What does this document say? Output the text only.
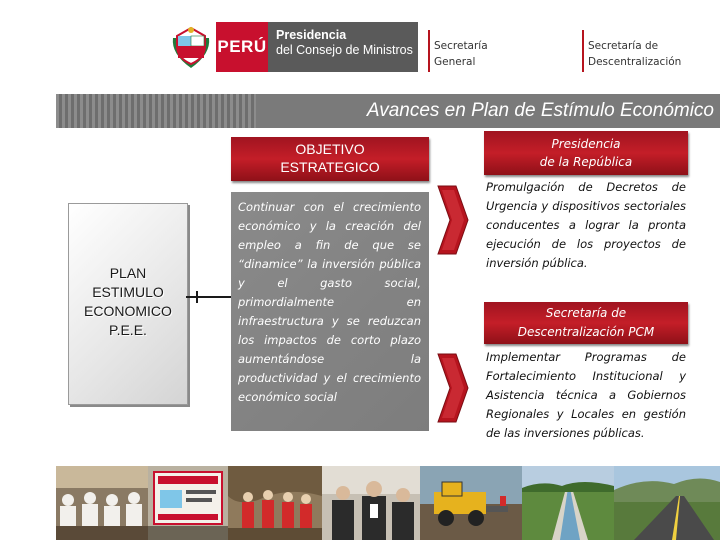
PERÚ
Presidencia
del Consejo de Ministros	Secretaría
General
Secretaría de
Descentralización
Avances en Plan de Estímulo Económico
PLAN
ESTIMULO
ECONOMICO
P.E.E.
OBJETIVO
ESTRATEGICO
Continuar con el crecimiento económico y la creación del empleo a fin de que se “dinamice” la inversión pública y el gasto social, primordialmente en infraestructura y se reduzcan los impactos de corto plazo aumentándose la productividad y el crecimiento económico social
Presidencia
de la República
Promulgación de Decretos de Urgencia y dispositivos sectoriales conducentes a lograr la pronta ejecución de los proyectos de inversión pública.
Secretaría de
Descentralización PCM
Implementar Programas de Fortalecimiento Institucional y Asistencia técnica a Gobiernos Regionales y Locales en gestión de las inversiones públicas.
